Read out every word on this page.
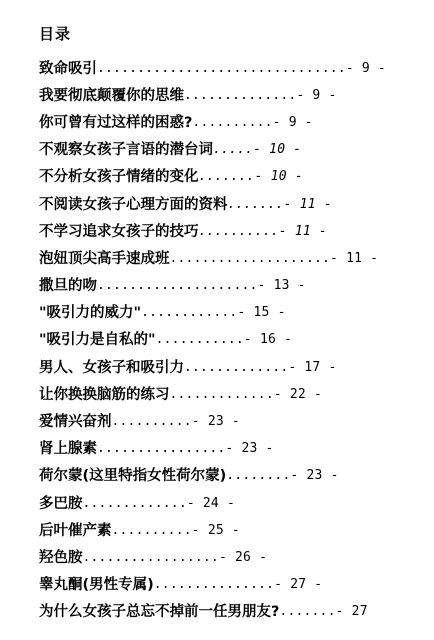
目录
致命吸引 ...............................- 9 -
我要彻底颠覆你的思维 ..............- 9 -
你可曾有过这样的困惑? ..........- 9 -
不观察女孩子言语的潜台词 .....- 10 -
不分析女孩子情绪的变化 .......- 10 -
不阅读女孩子心理方面的资料 .......- 11 -
不学习追求女孩子的技巧 ..........- 11 -
泡妞顶尖高手速成班 ....................- 11 -
撒旦的吻 ....................- 13 -
"吸引力的威力" ............- 15 -
"吸引力是自私的" ...........- 16 -
男人、女孩子和吸引力 .............- 17 -
让你换换脑筋的练习 .............- 22 -
爱情兴奋剂 ..........- 23 -
肾上腺素 ................- 23 -
荷尔蒙(这里特指女性荷尔蒙) ........- 23 -
多巴胺 .............- 24 -
后叶催产素 ..........- 25 -
羟色胺 .................- 26 -
睾丸酮(男性专属) ...............- 27 -
为什么女孩子总忘不掉前一任男朋友? .......- 27
